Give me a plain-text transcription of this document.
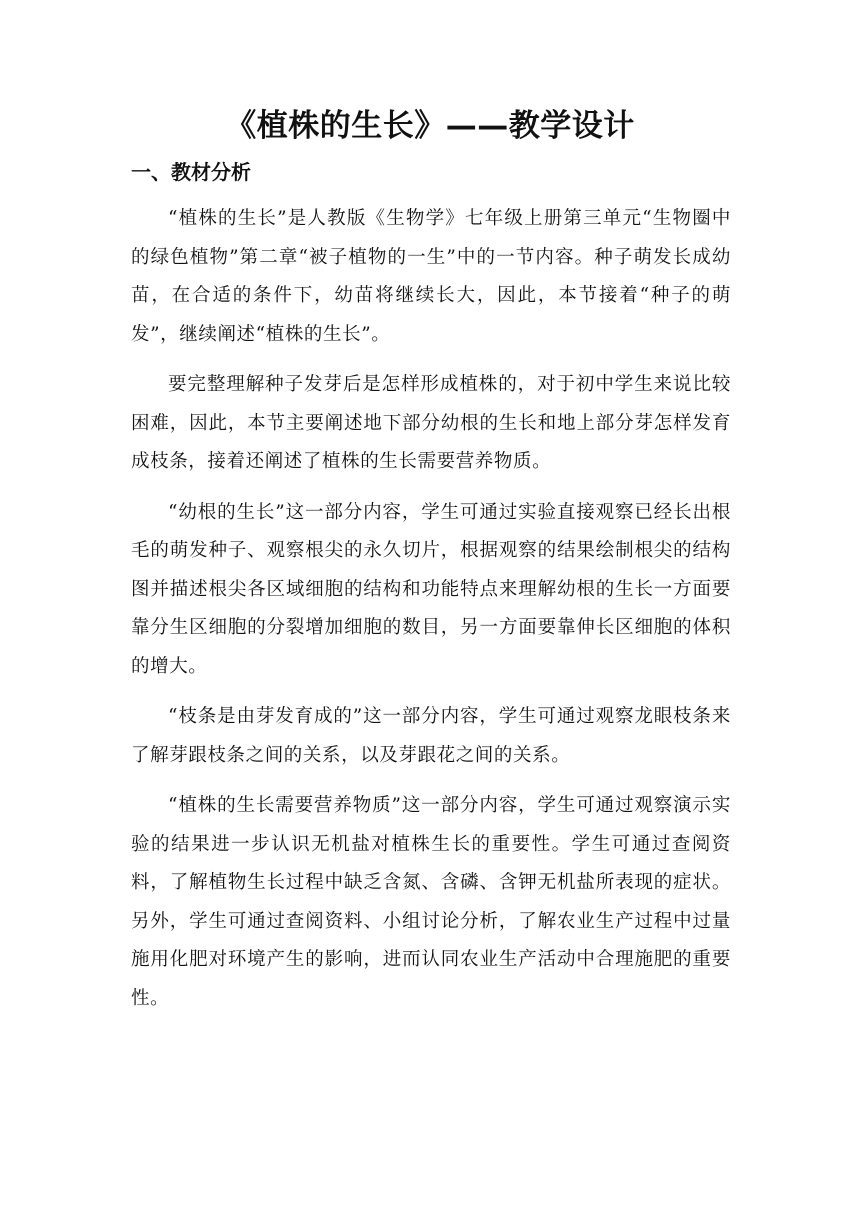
《植株的生长》——教学设计
一、教材分析

“植株的生长”是人教版《生物学》七年级上册第三单元“生物圈中的绿色植物”第二章“被子植物的一生”中的一节内容。种子萌发长成幼苗，在合适的条件下，幼苗将继续长大，因此，本节接着“种子的萌发”，继续阐述“植株的生长”。

要完整理解种子发芽后是怎样形成植株的，对于初中学生来说比较困难，因此，本节主要阐述地下部分幼根的生长和地上部分芽怎样发育成枝条，接着还阐述了植株的生长需要营养物质。

“幼根的生长”这一部分内容，学生可通过实验直接观察已经长出根毛的萌发种子、观察根尖的永久切片，根据观察的结果绘制根尖的结构图并描述根尖各区域细胞的结构和功能特点来理解幼根的生长一方面要靠分生区细胞的分裂增加细胞的数目，另一方面要靠伸长区细胞的体积的增大。

“枝条是由芽发育成的”这一部分内容，学生可通过观察龙眼枝条来了解芽跟枝条之间的关系，以及芽跟花之间的关系。

“植株的生长需要营养物质”这一部分内容，学生可通过观察演示实验的结果进一步认识无机盐对植株生长的重要性。学生可通过查阅资料，了解植物生长过程中缺乏含氮、含磷、含钾无机盐所表现的症状。另外，学生可通过查阅资料、小组讨论分析，了解农业生产过程中过量施用化肥对环境产生的影响，进而认同农业生产活动中合理施肥的重要性。
